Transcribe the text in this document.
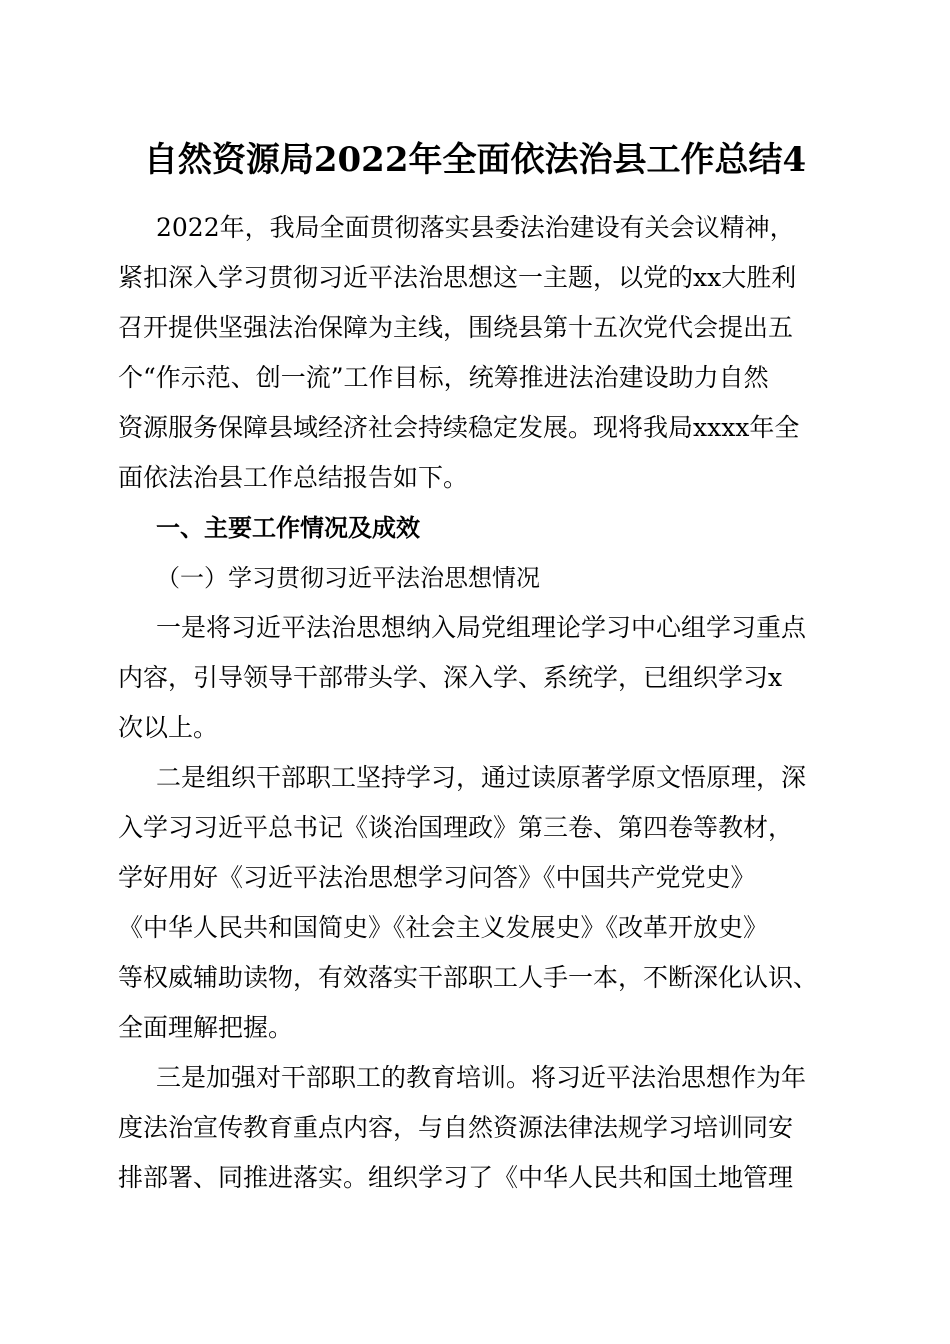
自然资源局2022年全面依法治县工作总结4
2022年，我局全面贯彻落实县委法治建设有关会议精神，
紧扣深入学习贯彻习近平法治思想这一主题，以党的xx大胜利
召开提供坚强法治保障为主线，围绕县第十五次党代会提出五
个“作示范、创一流”工作目标，统筹推进法治建设助力自然
资源服务保障县域经济社会持续稳定发展。现将我局xxxx年全
面依法治县工作总结报告如下。
一、主要工作情况及成效
（一）学习贯彻习近平法治思想情况
一是将习近平法治思想纳入局党组理论学习中心组学习重点
内容，引导领导干部带头学、深入学、系统学，已组织学习x
次以上。
二是组织干部职工坚持学习，通过读原著学原文悟原理，深
入学习习近平总书记《谈治国理政》第三卷、第四卷等教材，
学好用好《习近平法治思想学习问答》《中国共产党党史》
《中华人民共和国简史》《社会主义发展史》《改革开放史》
等权威辅助读物，有效落实干部职工人手一本，不断深化认识、
全面理解把握。
三是加强对干部职工的教育培训。将习近平法治思想作为年
度法治宣传教育重点内容，与自然资源法律法规学习培训同安
排部署、同推进落实。组织学习了《中华人民共和国土地管理
